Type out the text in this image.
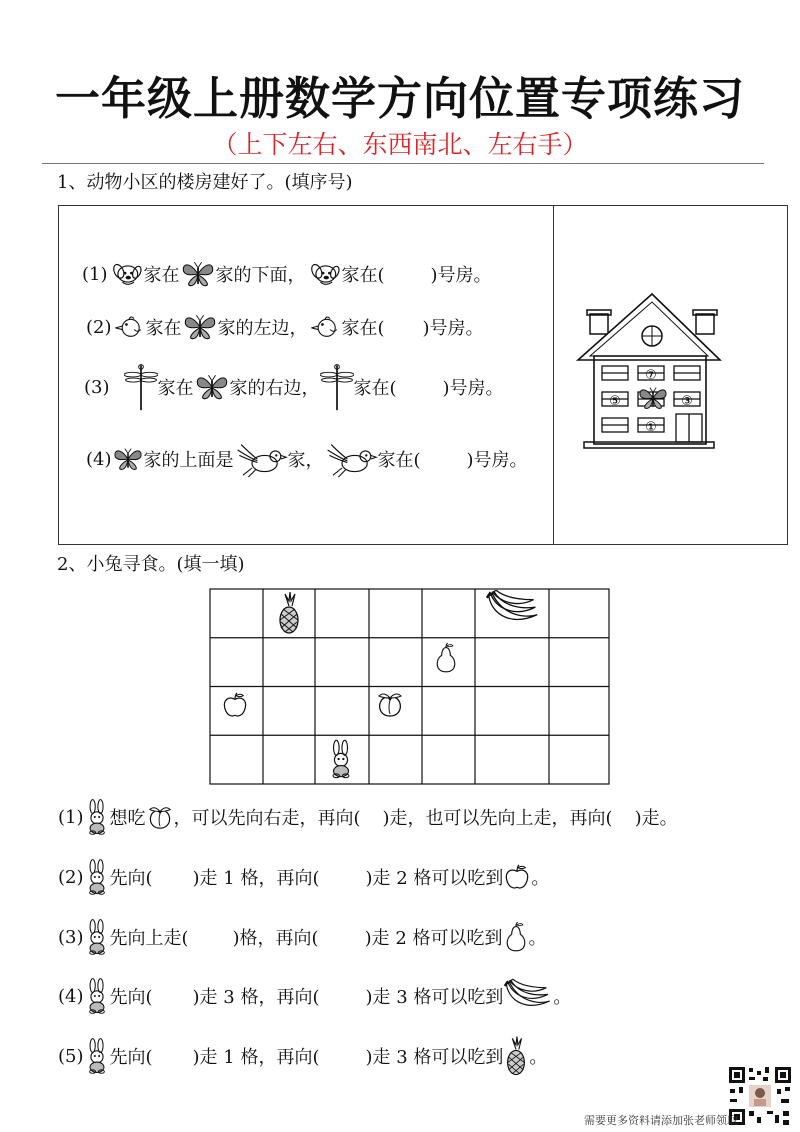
一年级上册数学方向位置专项练习
（上下左右、东西南北、左右手）
1、动物小区的楼房建好了。(填序号)
(1) 家在 家的下面， 家在(	)号房。
(2) 家在 家的左边， 家在( )号房。
(3)	家在 家的右边， 家在(	)号房。
(4) 家的上面是	家，	家在(	)号房。
⑦
⑤	③
①
2、小兔寻食。(填一填)
(1) 想吃 ，可以先向右走，再向( )走，也可以先向上走，再向( )走。
(2) 先向( )走 1 格，再向(	)走 2 格可以吃到 。
(3) 先向上走( )格，再向(	)走 2 格可以吃到 。
(4) 先向( )走 3 格，再向(	)走 3 格可以吃到	。
(5) 先向( )走 1 格，再向(	)走 3 格可以吃到 。
需要更多资料请添加张老师领取
